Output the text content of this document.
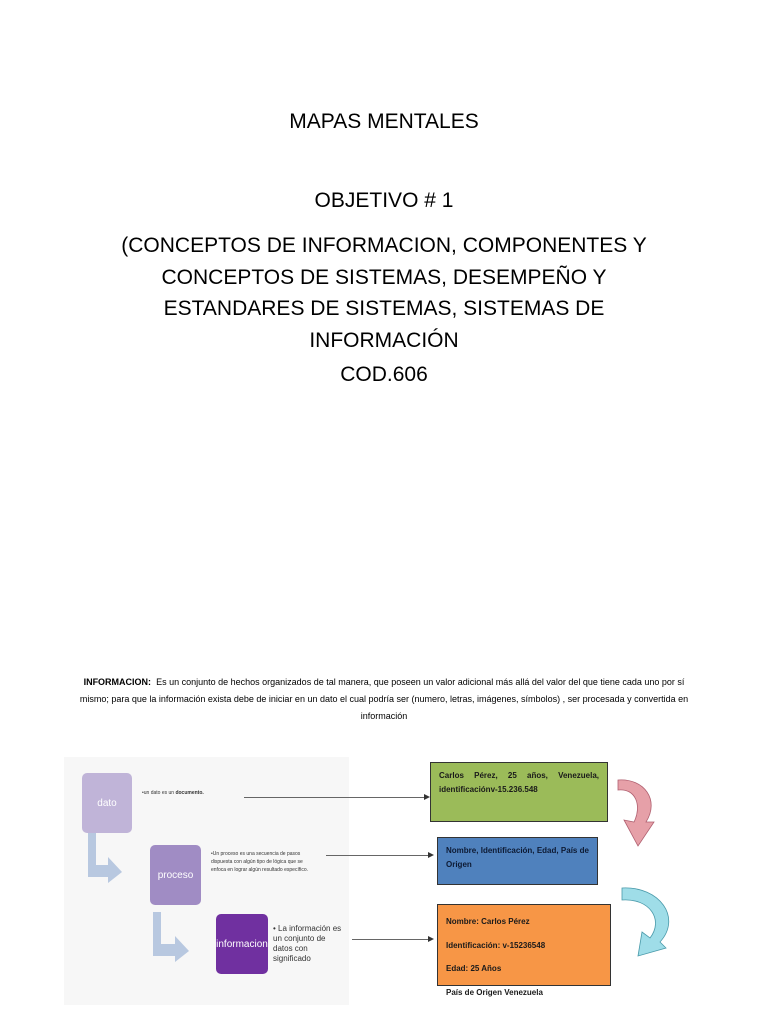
MAPAS MENTALES
OBJETIVO # 1
(CONCEPTOS DE INFORMACION, COMPONENTES Y
CONCEPTOS DE SISTEMAS, DESEMPEÑO Y
ESTANDARES DE SISTEMAS, SISTEMAS DE
INFORMACIÓN
COD.606
INFORMACION: Es un conjunto de hechos organizados de tal manera, que poseen un valor adicional más allá del valor del que tiene cada uno por sí mismo; para que la información exista debe de iniciar en un dato el cual podría ser (numero, letras, imágenes, símbolos) , ser procesada y convertida en información
dato
•un dato es un documento.
proceso
•Un proceso es una secuencia de pasos dispuesta con algún tipo de lógica que se enfoca en lograr algún resultado específico.
informacion
• La información es un conjunto de datos con significado
Carlos Pérez, 25 años, Venezuela, identificaciónv-15.236.548
Nombre, Identificación, Edad, País de Origen
Nombre: Carlos Pérez
Identificación: v-15236548
Edad: 25 Años
País de Origen Venezuela
